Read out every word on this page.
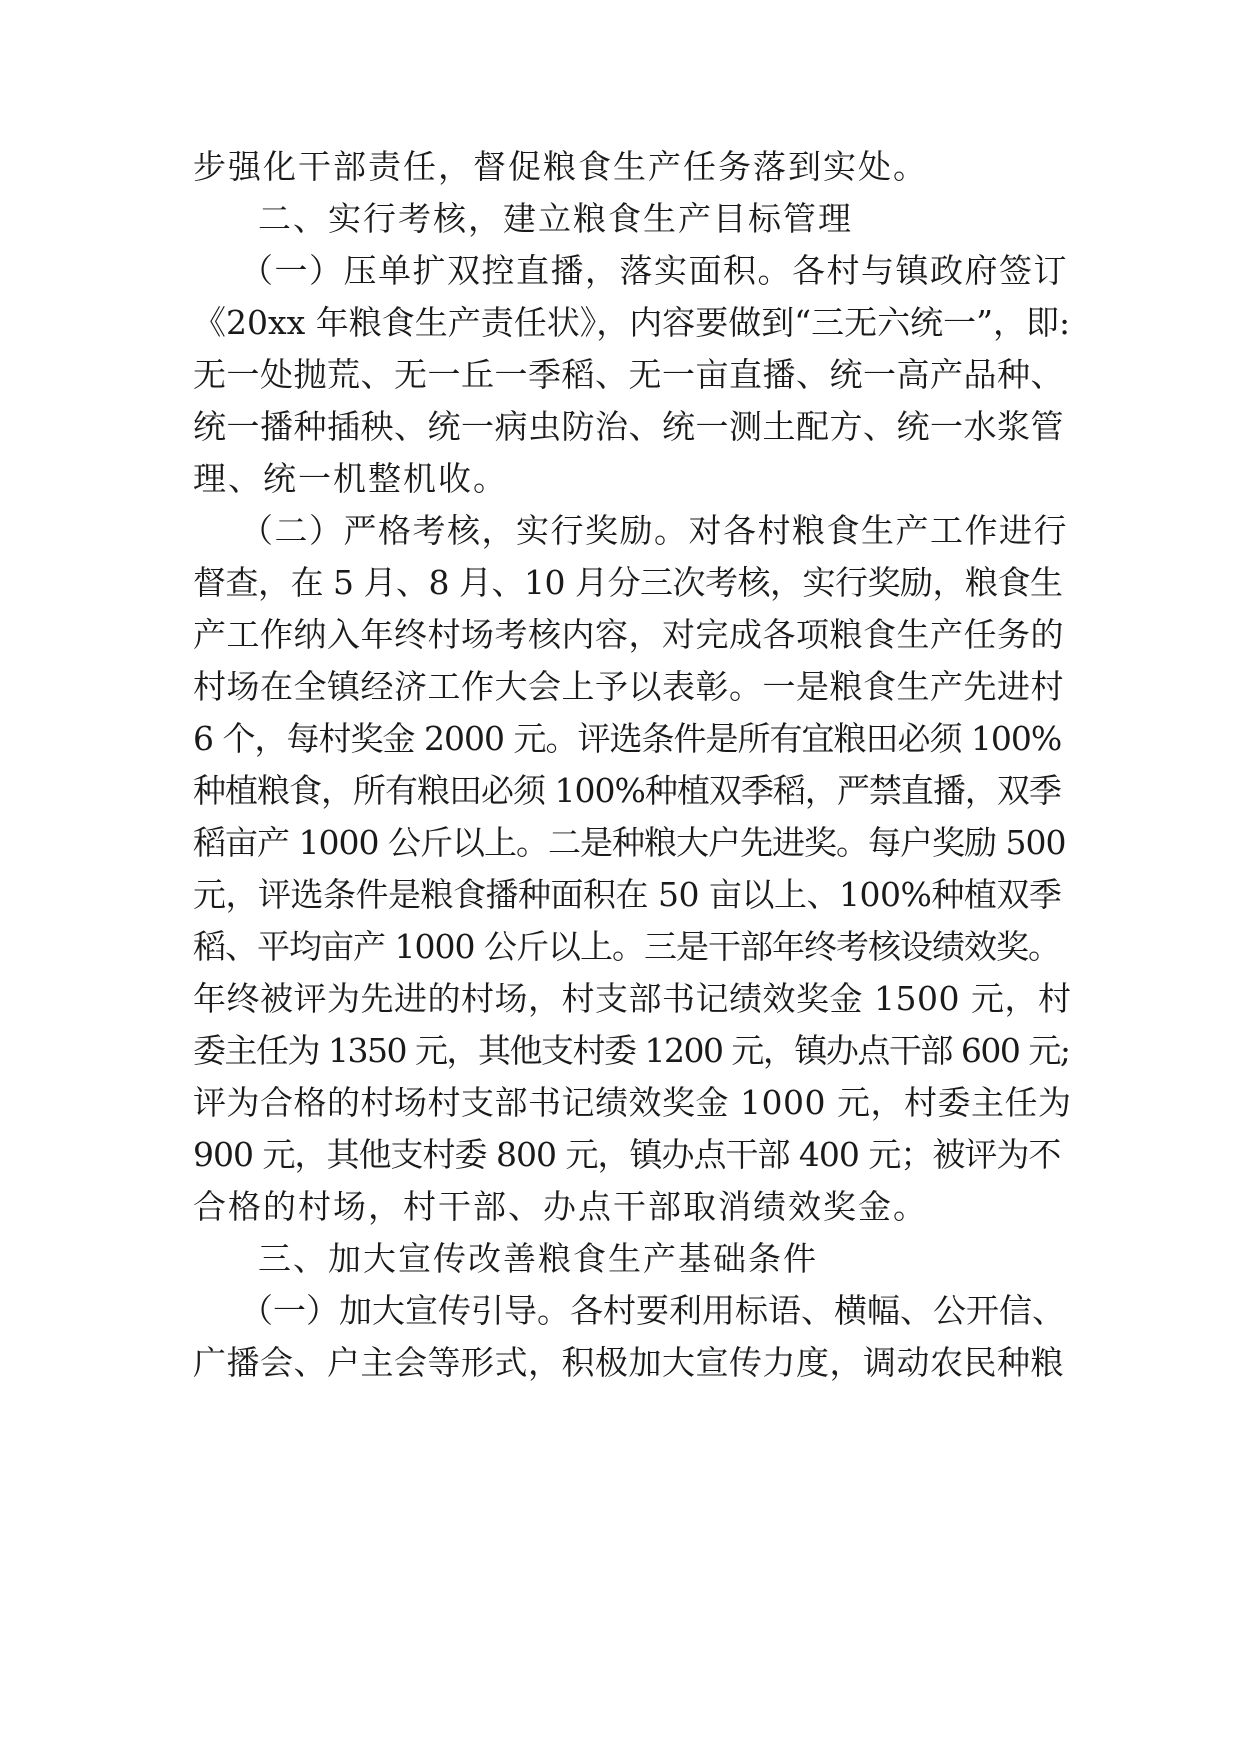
步强化干部责任，督促粮食生产任务落到实处。
二、实行考核，建立粮食生产目标管理
（一）压单扩双控直播，落实面积。各村与镇政府签订
《20xx 年粮食生产责任状》，内容要做到“三无六统一”，即:
无一处抛荒、无一丘一季稻、无一亩直播、统一高产品种、
统一播种插秧、统一病虫防治、统一测土配方、统一水浆管
理、统一机整机收。
（二）严格考核，实行奖励。对各村粮食生产工作进行
督查，在 5 月、8 月、10 月分三次考核，实行奖励，粮食生
产工作纳入年终村场考核内容，对完成各项粮食生产任务的
村场在全镇经济工作大会上予以表彰。一是粮食生产先进村
6 个，每村奖金 2000 元。评选条件是所有宜粮田必须 100%
种植粮食，所有粮田必须 100%种植双季稻，严禁直播，双季
稻亩产 1000 公斤以上。二是种粮大户先进奖。每户奖励 500
元，评选条件是粮食播种面积在 50 亩以上、100%种植双季
稻、平均亩产 1000 公斤以上。三是干部年终考核设绩效奖。
年终被评为先进的村场，村支部书记绩效奖金 1500 元，村
委主任为 1350 元，其他支村委 1200 元，镇办点干部 600 元;
评为合格的村场村支部书记绩效奖金 1000 元，村委主任为
900 元，其他支村委 800 元，镇办点干部 400 元；被评为不
合格的村场，村干部、办点干部取消绩效奖金。
三、加大宣传改善粮食生产基础条件
（一）加大宣传引导。各村要利用标语、横幅、公开信、
广播会、户主会等形式，积极加大宣传力度，调动农民种粮
